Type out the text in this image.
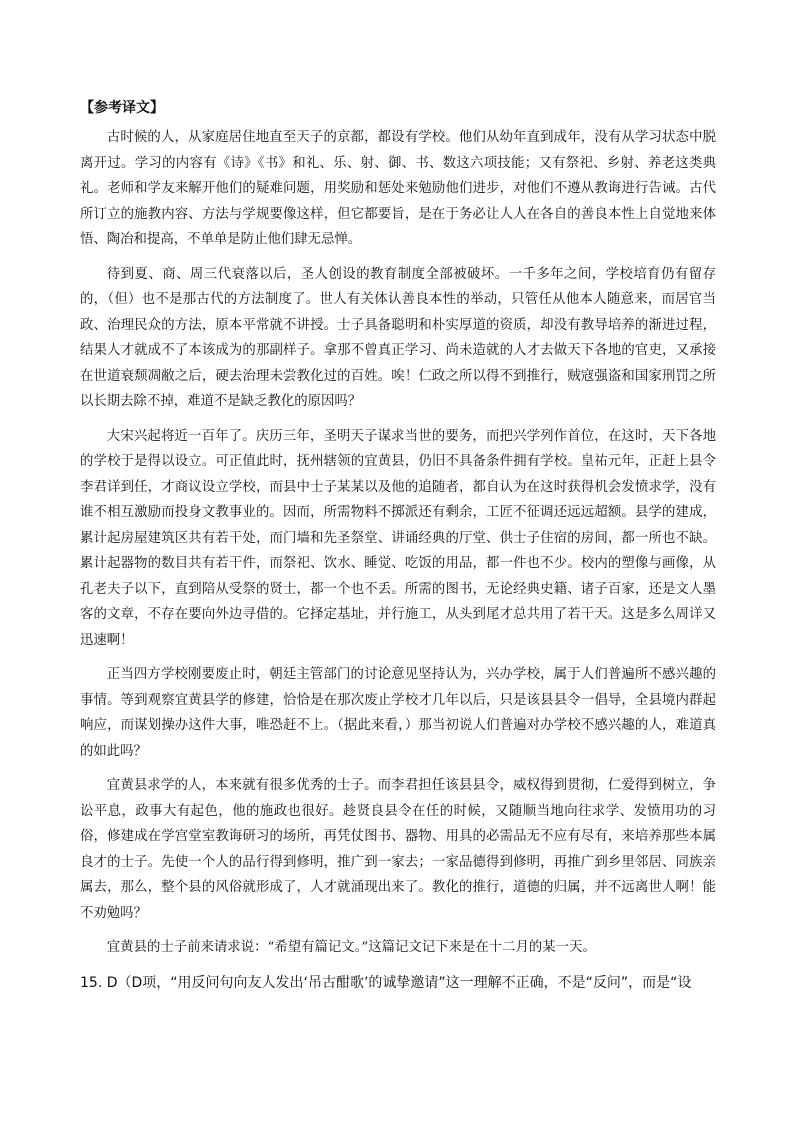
【参考译文】

古时候的人，从家庭居住地直至天子的京都，都设有学校。他们从幼年直到成年，没有从学习状态中脱离开过。学习的内容有《诗》《书》和礼、乐、射、御、书、数这六项技能；又有祭祀、乡射、养老这类典礼。老师和学友来解开他们的疑难问题，用奖励和惩处来勉励他们进步，对他们不遵从教诲进行告诫。古代所订立的施教内容、方法与学规要像这样，但它都要旨，是在于务必让人人在各自的善良本性上自觉地来体悟、陶冶和提高，不单单是防止他们肆无忌惮。

待到夏、商、周三代衰落以后，圣人创设的教育制度全部被破坏。一千多年之间，学校培育仍有留存的，（但）也不是那古代的方法制度了。世人有关体认善良本性的举动，只管任从他本人随意来，而居官当政、治理民众的方法，原本平常就不讲授。士子具备聪明和朴实厚道的资质，却没有教导培养的渐进过程，结果人才就成不了本该成为的那副样子。拿那不曾真正学习、尚未造就的人才去做天下各地的官吏，又承接在世道衰颓凋敝之后，硬去治理未尝教化过的百姓。唉！仁政之所以得不到推行，贼寇强盗和国家刑罚之所以长期去除不掉，难道不是缺乏教化的原因吗？

大宋兴起将近一百年了。庆历三年，圣明天子谋求当世的要务，而把兴学列作首位，在这时，天下各地的学校于是得以设立。可正值此时，抚州辖领的宜黄县，仍旧不具备条件拥有学校。皇祐元年，正赶上县令李君详到任，才商议设立学校，而县中士子某某以及他的追随者，都自认为在这时获得机会发愤求学，没有谁不相互激励而投身文教事业的。因而，所需物料不掷派还有剩余，工匠不征调还远远超额。县学的建成，累计起房屋建筑区共有若干处，而门墙和先圣祭堂、讲诵经典的厅堂、供士子住宿的房间，都一所也不缺。累计起器物的数目共有若干件，而祭祀、饮水、睡觉、吃饭的用品，都一件也不少。校内的塑像与画像，从孔老夫子以下，直到陪从受祭的贤士，都一个也不丢。所需的图书，无论经典史籍、诸子百家，还是文人墨客的文章，不存在要向外边寻借的。它择定基址，并行施工，从头到尾才总共用了若干天。这是多么周详又迅速啊！

正当四方学校刚要废止时，朝廷主管部门的讨论意见坚持认为，兴办学校，属于人们普遍所不感兴趣的事情。等到观察宜黄县学的修建，恰恰是在那次废止学校才几年以后，只是该县县令一倡导，全县境内群起响应，而谋划操办这件大事，唯恐赶不上。（据此来看，）那当初说人们普遍对办学校不感兴趣的人，难道真的如此吗？

宜黄县求学的人，本来就有很多优秀的士子。而李君担任该县县令，威权得到贯彻，仁爱得到树立，争讼平息，政事大有起色，他的施政也很好。趁贤良县令在任的时候，又随顺当地向往求学、发愤用功的习俗，修建成在学宫堂室教诲研习的场所，再凭仗图书、器物、用具的必需品无不应有尽有，来培养那些本属良才的士子。先使一个人的品行得到修明，推广到一家去；一家品德得到修明，再推广到乡里邻居、同族亲属去，那么，整个县的风俗就形成了，人才就涌现出来了。教化的推行，道德的归属，并不远离世人啊！能不劝勉吗？

宜黄县的士子前来请求说：“希望有篇记文。”这篇记文记下来是在十二月的某一天。

15. D（D项，“用反问句向友人发出‘吊古酣歌’的诚挚邀请”这一理解不正确，不是“反问”，而是“设
